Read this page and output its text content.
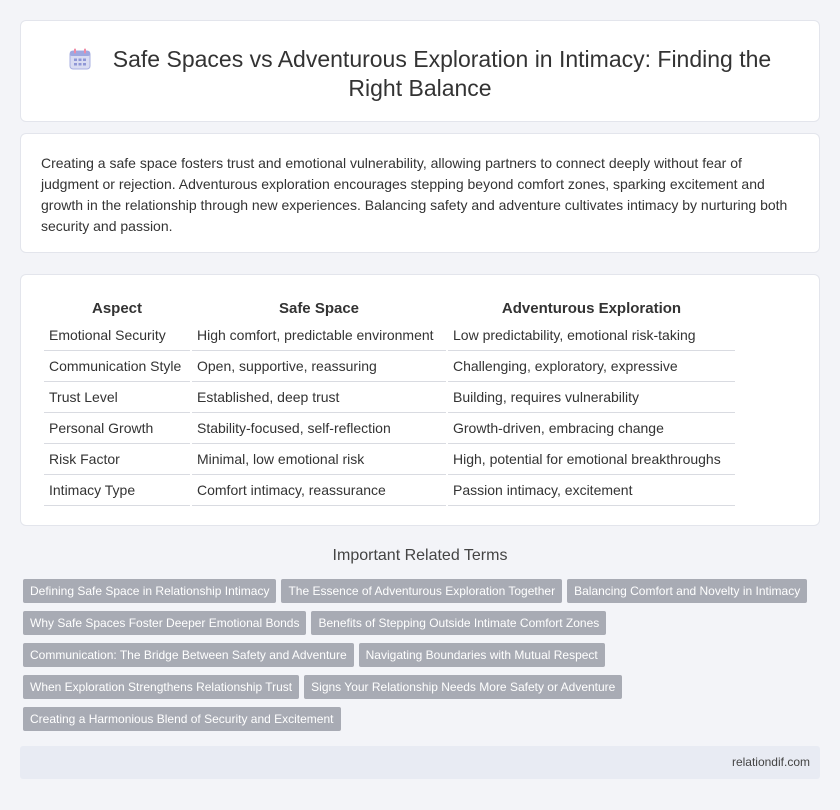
Safe Spaces vs Adventurous Exploration in Intimacy: Finding the Right Balance

Creating a safe space fosters trust and emotional vulnerability, allowing partners to connect deeply without fear of judgment or rejection. Adventurous exploration encourages stepping beyond comfort zones, sparking excitement and growth in the relationship through new experiences. Balancing safety and adventure cultivates intimacy by nurturing both security and passion.

Aspect	Safe Space	Adventurous Exploration
Emotional Security	High comfort, predictable environment	Low predictability, emotional risk-taking
Communication Style	Open, supportive, reassuring	Challenging, exploratory, expressive
Trust Level	Established, deep trust	Building, requires vulnerability
Personal Growth	Stability-focused, self-reflection	Growth-driven, embracing change
Risk Factor	Minimal, low emotional risk	High, potential for emotional breakthroughs
Intimacy Type	Comfort intimacy, reassurance	Passion intimacy, excitement
Important Related Terms
Defining Safe Space in Relationship Intimacy The Essence of Adventurous Exploration Together Balancing Comfort and Novelty in Intimacy
Why Safe Spaces Foster Deeper Emotional Bonds Benefits of Stepping Outside Intimate Comfort Zones
Communication: The Bridge Between Safety and Adventure Navigating Boundaries with Mutual Respect
When Exploration Strengthens Relationship Trust Signs Your Relationship Needs More Safety or Adventure
Creating a Harmonious Blend of Security and Excitement
relationdif.com
